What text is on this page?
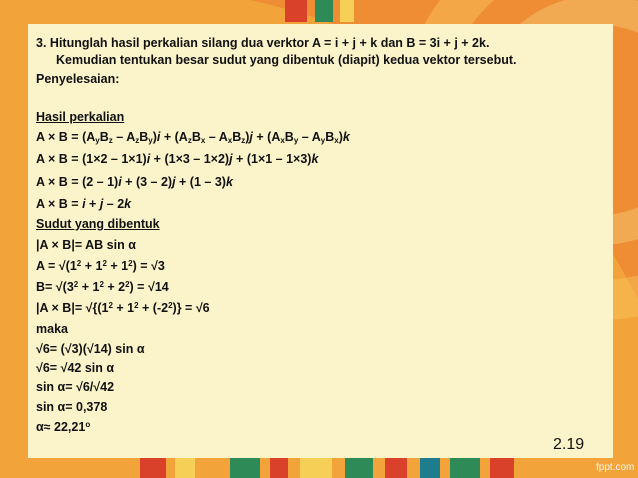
3. Hitunglah hasil perkalian silang dua verktor A = i + j + k dan B = 3i + j + 2k.
Kemudian tentukan besar sudut yang dibentuk (diapit) kedua vektor tersebut.
Penyelesaian:
Hasil perkalian
$A \times B = (A_yB_z - A_zB_y)i + (A_zB_x - A_xB_z)j + (A_xB_y - A_yB_x)k$
A × B = (1×2 – 1×1)i + (1×3 – 1×2)j + (1×1 – 1×3)k
A × B = (2 – 1)i + (3 – 2)j + (1 – 3)k
A × B = i + j – 2k
Sudut yang dibentuk
|A × B|= AB sin α
$A = √(1^2 + 1^2 + 1^2) = √3$
$B= √(3^2 + 1^2 + 2^2) = √14$
$|A \times B|= √\{(1^2 + 1^2 + (-2^2)\} = √6$
maka
√6= (√3)(√14) sin α
√6= √42 sin α
sin α= √6/√42
sin α= 0,378
$\alpha\approx 22,21^o$
2.19
fppt.com
